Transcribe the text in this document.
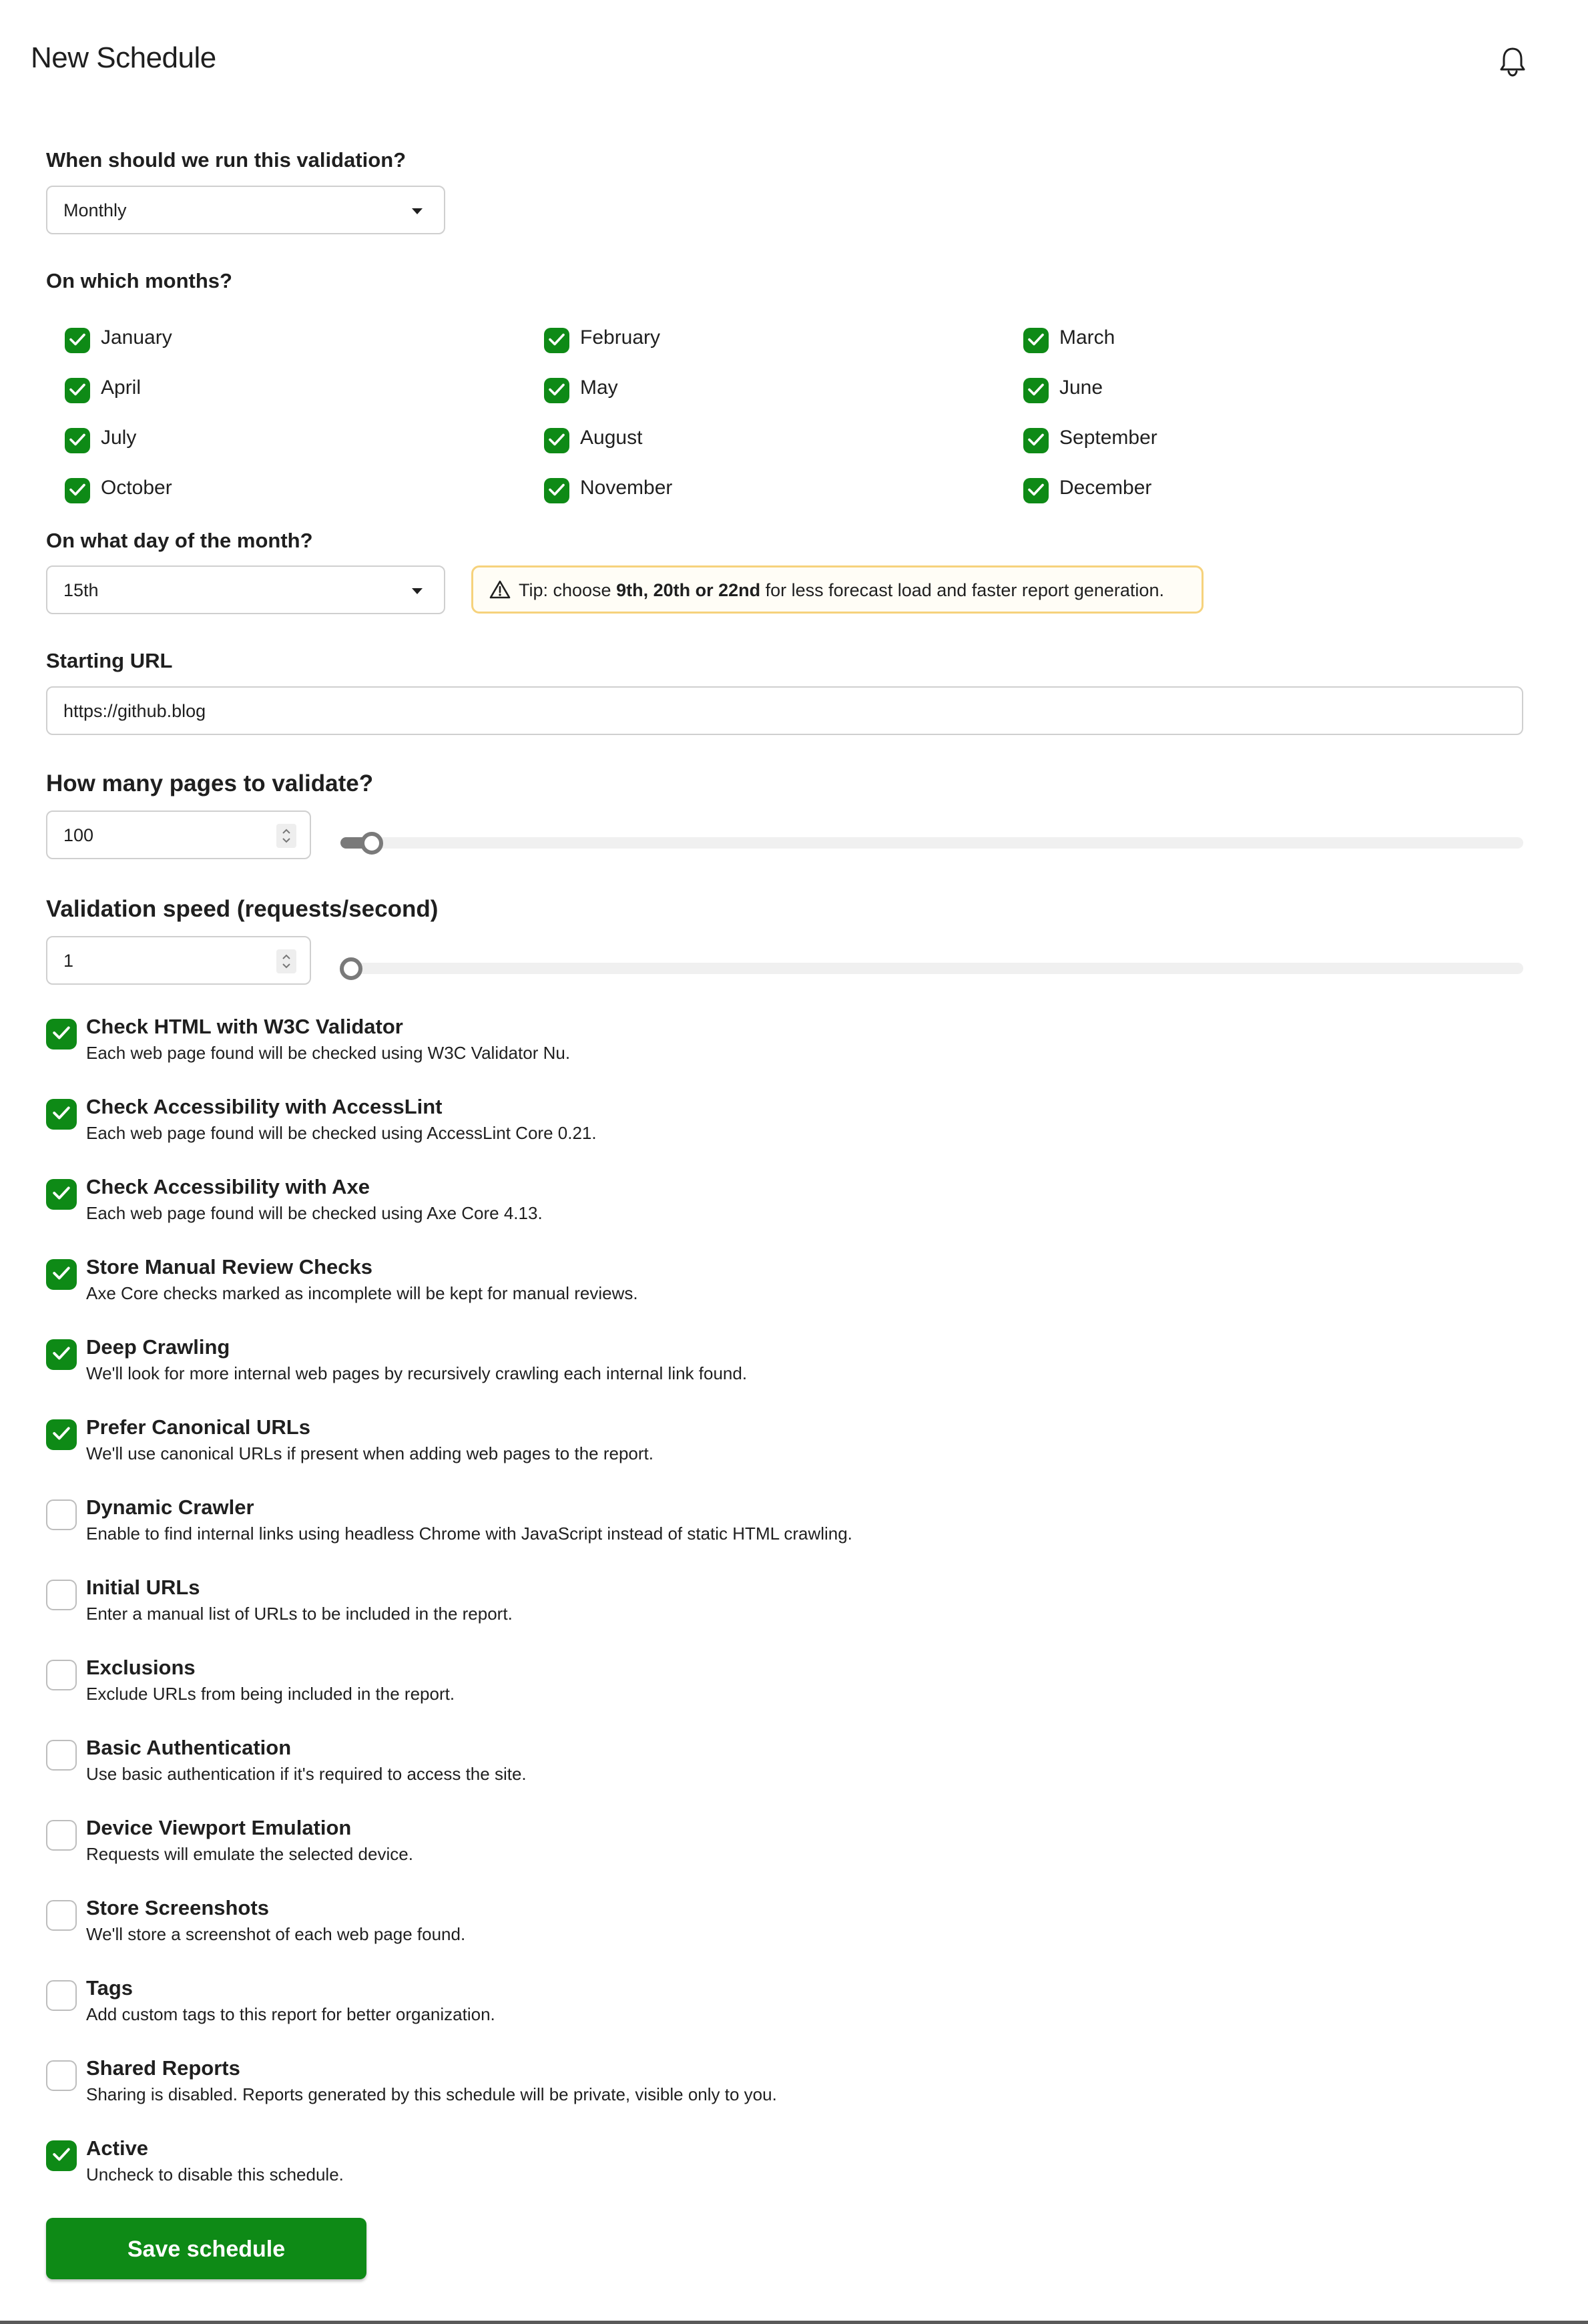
New Schedule
When should we run this validation?
Monthly
On which months?
January	February	March
April	May	June
July	August	September
October	November	December
On what day of the month?
15th	Tip: choose 9th, 20th or 22nd for less forecast load and faster report generation.
Starting URL
https://github.blog
How many pages to validate?
100
Validation speed (requests/second)
1
Check HTML with W3C Validator
Each web page found will be checked using W3C Validator Nu.
Check Accessibility with AccessLint
Each web page found will be checked using AccessLint Core 0.21.
Check Accessibility with Axe
Each web page found will be checked using Axe Core 4.13.
Store Manual Review Checks
Axe Core checks marked as incomplete will be kept for manual reviews.
Deep Crawling
We'll look for more internal web pages by recursively crawling each internal link found.
Prefer Canonical URLs
We'll use canonical URLs if present when adding web pages to the report.
Dynamic Crawler
Enable to find internal links using headless Chrome with JavaScript instead of static HTML crawling.
Initial URLs
Enter a manual list of URLs to be included in the report.
Exclusions
Exclude URLs from being included in the report.
Basic Authentication
Use basic authentication if it's required to access the site.
Device Viewport Emulation
Requests will emulate the selected device.
Store Screenshots
We'll store a screenshot of each web page found.
Tags
Add custom tags to this report for better organization.
Shared Reports
Sharing is disabled. Reports generated by this schedule will be private, visible only to you.
Active
Uncheck to disable this schedule.
Save schedule
